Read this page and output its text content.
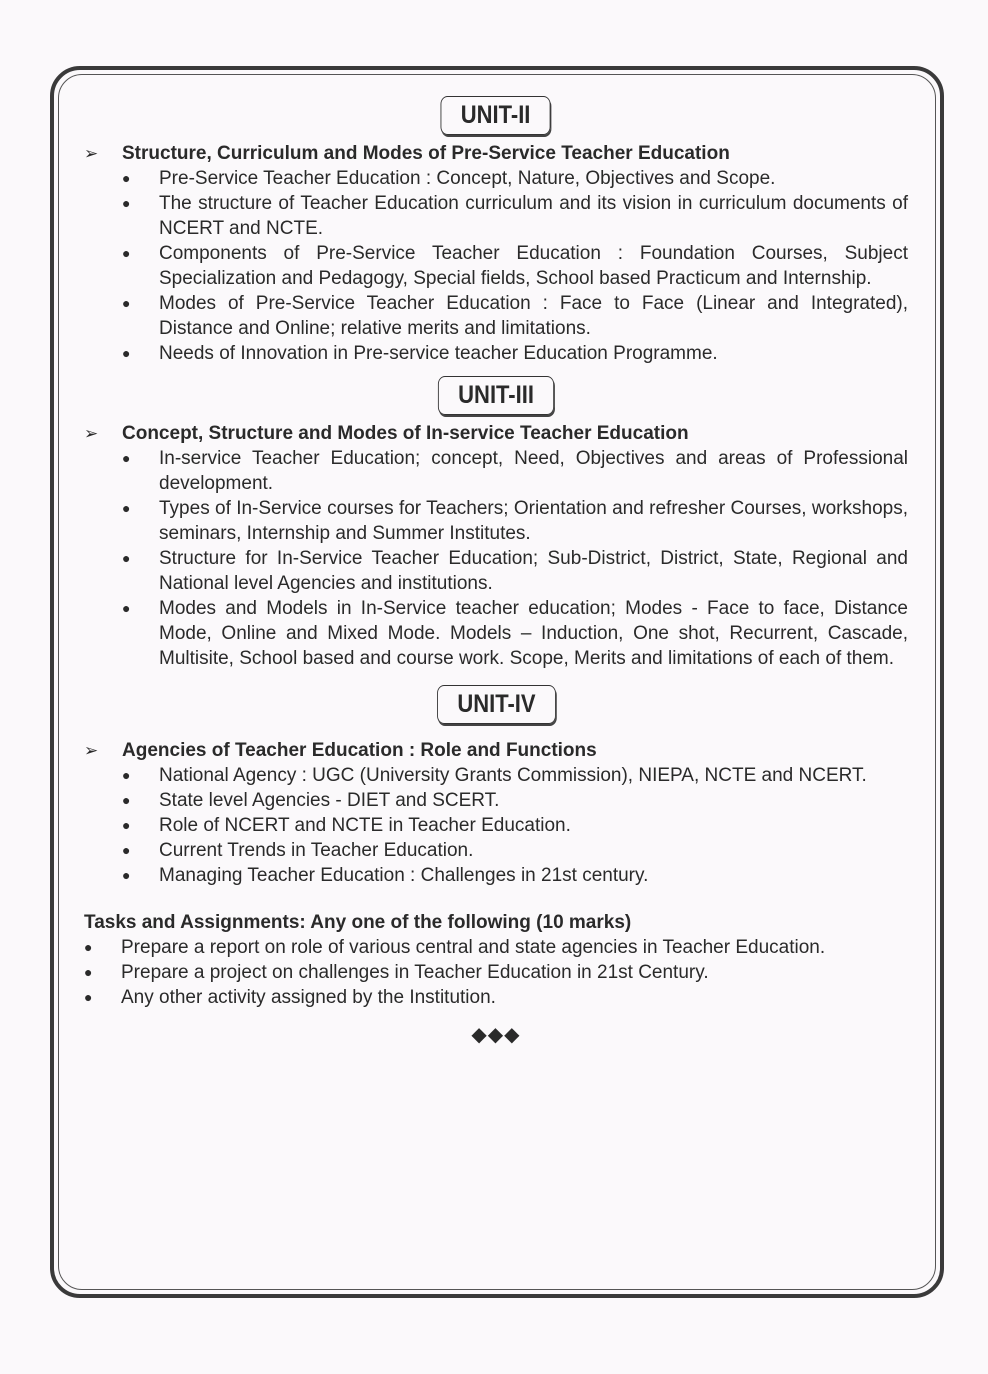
UNIT-II
➢	Structure, Curriculum and Modes of Pre-Service Teacher Education
●
Pre-Service Teacher Education : Concept, Nature, Objectives and Scope.
●
The structure of Teacher Education curriculum and its vision in curriculum documents of NCERT and NCTE.
●
Components of Pre-Service Teacher Education : Foundation Courses, Subject Specialization and Pedagogy, Special fields, School based Practicum and Internship.
●
Modes of Pre-Service Teacher Education : Face to Face (Linear and Integrated), Distance and Online; relative merits and limitations.
●
Needs of Innovation in Pre-service teacher Education Programme.
UNIT-III
➢	Concept, Structure and Modes of In-service Teacher Education
●
In-service Teacher Education; concept, Need, Objectives and areas of Professional development.
●
Types of In-Service courses for Teachers; Orientation and refresher Courses, workshops, seminars, Internship and Summer Institutes.
●
Structure for In-Service Teacher Education; Sub-District, District, State, Regional and National level Agencies and institutions.
●
Modes and Models in In-Service teacher education; Modes - Face to face, Distance Mode, Online and Mixed Mode. Models – Induction, One shot, Recurrent, Cascade, Multisite, School based and course work. Scope, Merits and limitations of each of them.
UNIT-IV
➢	Agencies of Teacher Education : Role and Functions
●
National Agency : UGC (University Grants Commission), NIEPA, NCTE and NCERT.
●
State level Agencies - DIET and SCERT.
●
Role of NCERT and NCTE in Teacher Education.
●
Current Trends in Teacher Education.
●
Managing Teacher Education : Challenges in 21st century.
Tasks and Assignments: Any one of the following (10 marks)
●
Prepare a report on role of various central and state agencies in Teacher Education.
●
Prepare a project on challenges in Teacher Education in 21st Century.
●
Any other activity assigned by the Institution.
◆◆◆
